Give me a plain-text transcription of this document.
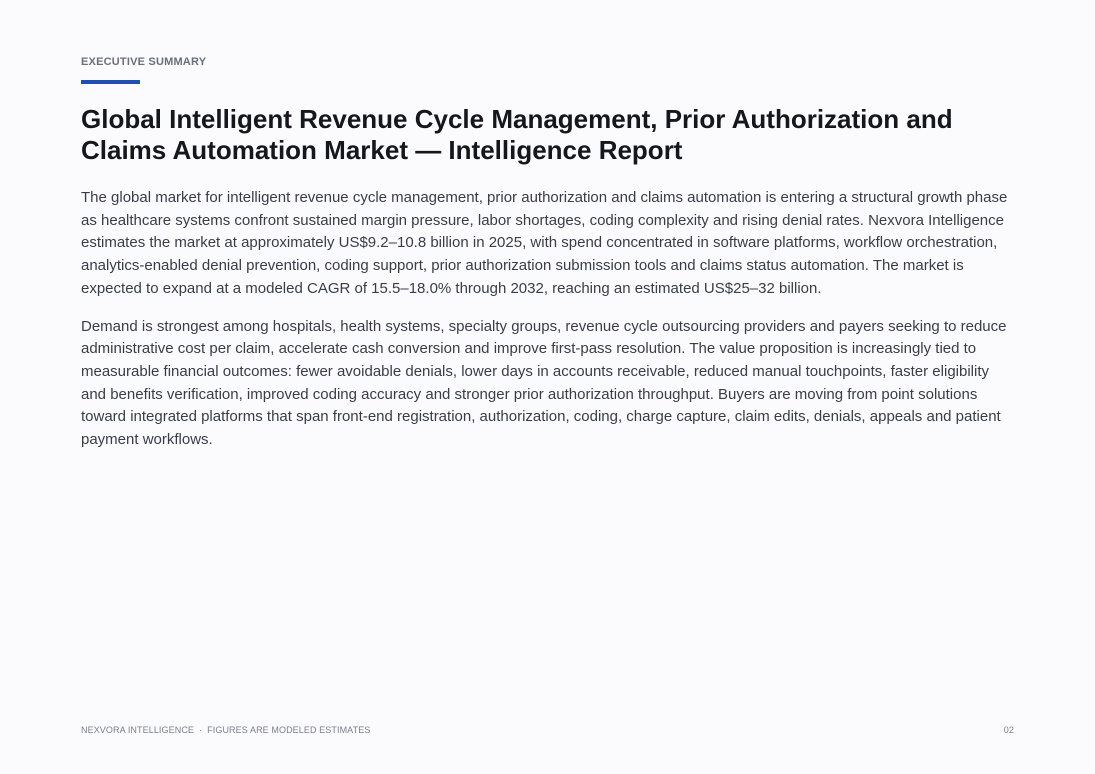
EXECUTIVE SUMMARY
Global Intelligent Revenue Cycle Management, Prior Authorization and Claims Automation Market — Intelligence Report

The global market for intelligent revenue cycle management, prior authorization and claims automation is entering a structural growth phase as healthcare systems confront sustained margin pressure, labor shortages, coding complexity and rising denial rates. Nexvora Intelligence estimates the market at approximately US$9.2–10.8 billion in 2025, with spend concentrated in software platforms, workflow orchestration, analytics-enabled denial prevention, coding support, prior authorization submission tools and claims status automation. The market is expected to expand at a modeled CAGR of 15.5–18.0% through 2032, reaching an estimated US$25–32 billion.

Demand is strongest among hospitals, health systems, specialty groups, revenue cycle outsourcing providers and payers seeking to reduce administrative cost per claim, accelerate cash conversion and improve first-pass resolution. The value proposition is increasingly tied to measurable financial outcomes: fewer avoidable denials, lower days in accounts receivable, reduced manual touchpoints, faster eligibility and benefits verification, improved coding accuracy and stronger prior authorization throughput. Buyers are moving from point solutions toward integrated platforms that span front-end registration, authorization, coding, charge capture, claim edits, denials, appeals and patient payment workflows.

NEXVORA INTELLIGENCE · FIGURES ARE MODELED ESTIMATES	02
